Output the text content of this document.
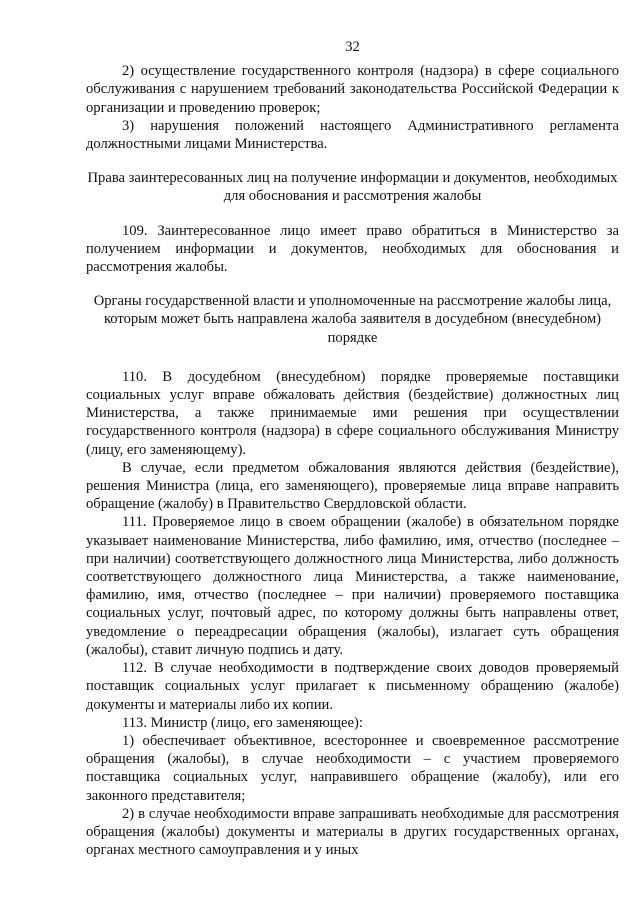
32

2) осуществление государственного контроля (надзора) в сфере социального обслуживания с нарушением требований законодательства Российской Федерации к организации и проведению проверок;

3) нарушения положений настоящего Административного регламента должностными лицами Министерства.

Права заинтересованных лиц на получение информации и документов, необходимых для обоснования и рассмотрения жалобы

109. Заинтересованное лицо имеет право обратиться в Министерство за получением информации и документов, необходимых для обоснования и рассмотрения жалобы.

Органы государственной власти и уполномоченные на рассмотрение жалобы лица, которым может быть направлена жалоба заявителя в досудебном (внесудебном) порядке

110. В досудебном (внесудебном) порядке проверяемые поставщики социальных услуг вправе обжаловать действия (бездействие) должностных лиц Министерства, а также принимаемые ими решения при осуществлении государственного контроля (надзора) в сфере социального обслуживания Министру (лицу, его заменяющему).

В случае, если предметом обжалования являются действия (бездействие), решения Министра (лица, его заменяющего), проверяемые лица вправе направить обращение (жалобу) в Правительство Свердловской области.

111. Проверяемое лицо в своем обращении (жалобе) в обязательном порядке указывает наименование Министерства, либо фамилию, имя, отчество (последнее – при наличии) соответствующего должностного лица Министерства, либо должность соответствующего должностного лица Министерства, а также наименование, фамилию, имя, отчество (последнее – при наличии) проверяемого поставщика социальных услуг, почтовый адрес, по которому должны быть направлены ответ, уведомление о переадресации обращения (жалобы), излагает суть обращения (жалобы), ставит личную подпись и дату.

112. В случае необходимости в подтверждение своих доводов проверяемый поставщик социальных услуг прилагает к письменному обращению (жалобе) документы и материалы либо их копии.

113. Министр (лицо, его заменяющее):

1) обеспечивает объективное, всестороннее и своевременное рассмотрение обращения (жалобы), в случае необходимости – с участием проверяемого поставщика социальных услуг, направившего обращение (жалобу), или его законного представителя;

2) в случае необходимости вправе запрашивать необходимые для рассмотрения обращения (жалобы) документы и материалы в других государственных органах, органах местного самоуправления и у иных
